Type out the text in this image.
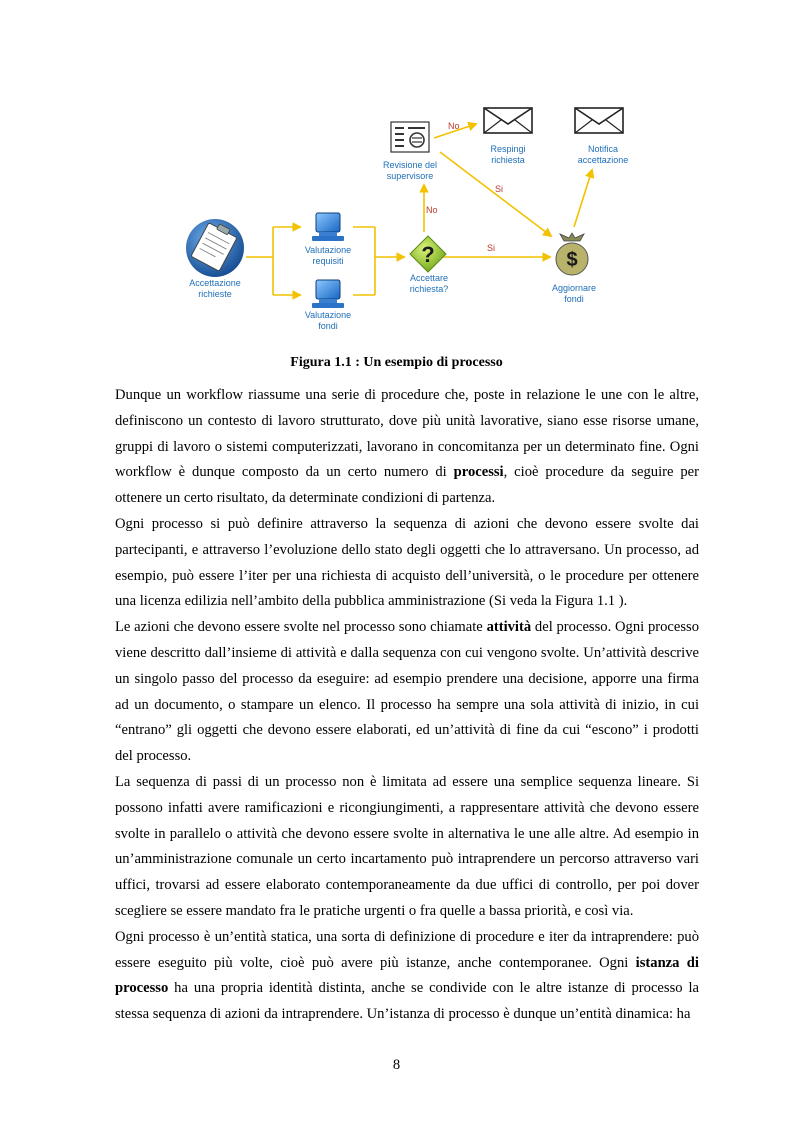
?	$
Accettazione
richieste
Valutazione
requisiti
Valutazione
fondi
Accettare
richiesta?
Revisione del
supervisore
Respingi
richiesta
Notifica
accettazione
Aggiornare
fondi
No
No
Si
Si
Figura 1.1 : Un esempio di processo

Dunque un workflow riassume una serie di procedure che, poste in relazione le une con le altre, definiscono un contesto di lavoro strutturato, dove più unità lavorative, siano esse risorse umane, gruppi di lavoro o sistemi computerizzati, lavorano in concomitanza per un determinato fine. Ogni workflow è dunque composto da un certo numero di processi, cioè procedure da seguire per ottenere un certo risultato, da determinate condizioni di partenza.

Ogni processo si può definire attraverso la sequenza di azioni che devono essere svolte dai partecipanti, e attraverso l’evoluzione dello stato degli oggetti che lo attraversano. Un processo, ad esempio, può essere l’iter per una richiesta di acquisto dell’università, o le procedure per ottenere una licenza edilizia nell’ambito della pubblica amministrazione (Si veda la Figura 1.1 ).

Le azioni che devono essere svolte nel processo sono chiamate attività del processo. Ogni processo viene descritto dall’insieme di attività e dalla sequenza con cui vengono svolte. Un’attività descrive un singolo passo del processo da eseguire: ad esempio prendere una decisione, apporre una firma ad un documento, o stampare un elenco. Il processo ha sempre una sola attività di inizio, in cui “entrano” gli oggetti che devono essere elaborati, ed un’attività di fine da cui “escono” i prodotti del processo.

La sequenza di passi di un processo non è limitata ad essere una semplice sequenza lineare. Si possono infatti avere ramificazioni e ricongiungimenti, a rappresentare attività che devono essere svolte in parallelo o attività che devono essere svolte in alternativa le une alle altre. Ad esempio in un’amministrazione comunale un certo incartamento può intraprendere un percorso attraverso vari uffici, trovarsi ad essere elaborato contemporaneamente da due uffici di controllo, per poi dover scegliere se essere mandato fra le pratiche urgenti o fra quelle a bassa priorità, e così via.

Ogni processo è un’entità statica, una sorta di definizione di procedure e iter da intraprendere: può essere eseguito più volte, cioè può avere più istanze, anche contemporanee. Ogni istanza di processo ha una propria identità distinta, anche se condivide con le altre istanze di processo la stessa sequenza di azioni da intraprendere. Un’istanza di processo è dunque un’entità dinamica: ha

8
